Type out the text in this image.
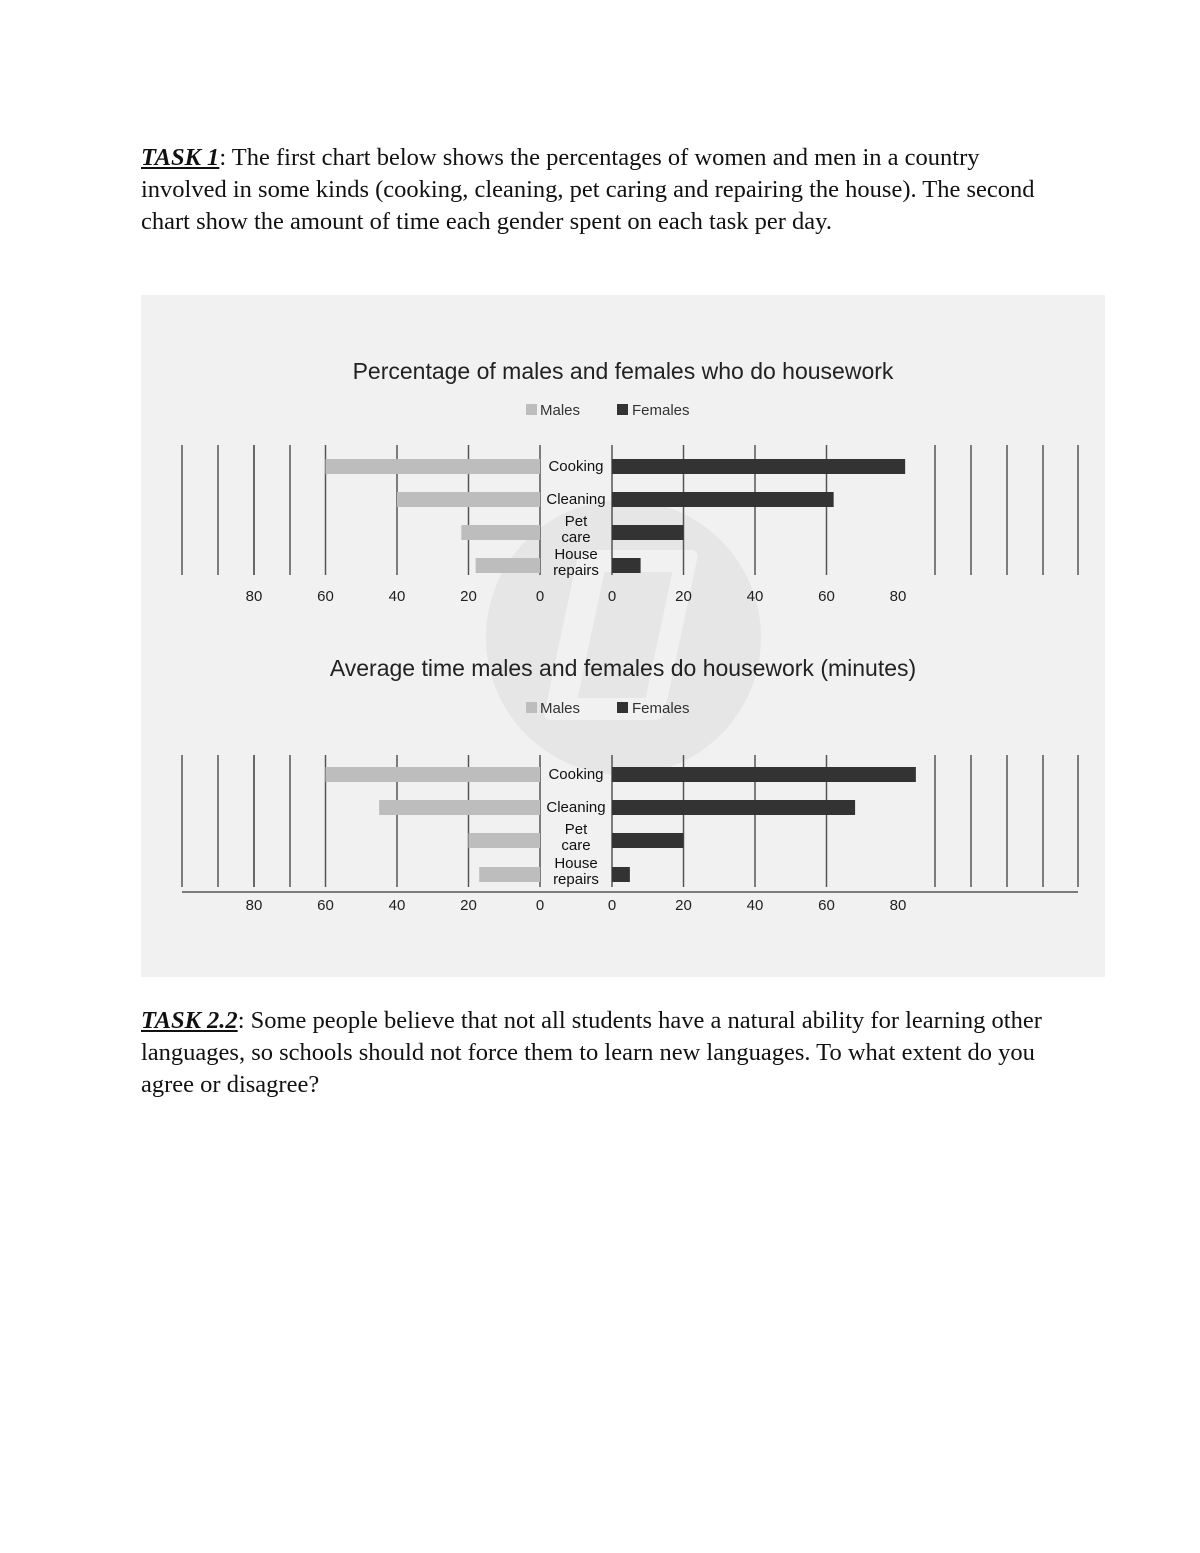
TASK 1: The first chart below shows the percentages of women and men in a country involved in some kinds (cooking, cleaning, pet caring and repairing the house). The second chart show the amount of time each gender spent on each task per day.
Percentage of males and females who do housework
Males	Females
Cooking
Cleaning
Pet
care
House
repairs
80	60	40	20	0	0	20	40	60	80
Average time males and females do housework (minutes)
Males	Females
Cooking
Cleaning
Pet
care
House
repairs
80	60	40	20	0	0	20	40	60	80
TASK 2.2: Some people believe that not all students have a natural ability for learning other languages, so schools should not force them to learn new languages. To what extent do you agree or disagree?
